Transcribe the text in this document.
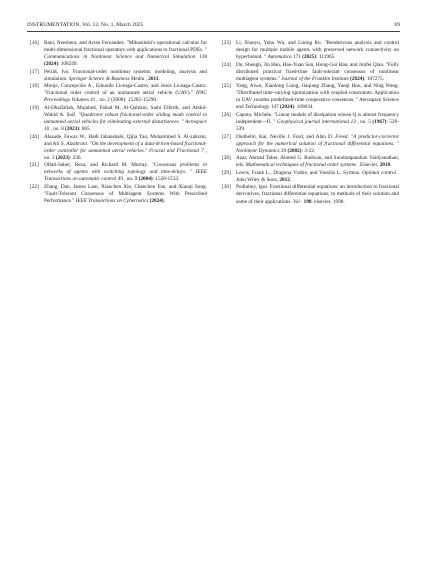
INSTRUMENTATION, Vol. 12, No. 1, March 2025	69
[16]	Rani, Neeshera, and Arran Fernandez. "Mikusiński's operational calculus for multi-dimensional fractional operators with applications to fractional PDEs. " Communications in Nonlinear Science and Numerical Simulation 138 (2024): 108249.
[17]	Petráš, Ivo. Fractional-order nonlinear systems: modeling, analysis and simulation. Springer Science & Business Media , 2011.
[18]	Monje, Concepción A., Eduardo Liceaga-Castro, and Jesús Liceaga-Castro. "Fractional order control of an unmanned aerial vehicle (UAV)." IFAC Proceedings Volumes 41 , no. 2 (2008): 15285-15290.
[19]	Al-Dhaifallah, Mujahed, Fahad M. Al-Qahtani, Sami Elferik, and Abdul-Wahid A. Saif. "Quadrotor robust fractional-order sliding mode control in unmanned aerial vehicles for eliminating external disturbances. " Aerospace 10 , no. 8 (2023): 665.
[20]	Alsaade, Fawaz W., Hadi Jahanshahi, Qijia Yao, Mohammed S. Al-zahrani, and Ali S. Alzahrani. "On the development of a data-driven-based fractional-order controller for unmanned aerial vehicles." Fractal and Fractional 7 , no. 3 (2023): 236.
[21]	Olfati-Saber, Reza, and Richard M. Murray. "Consensus problems in networks of agents with switching topology and time-delays. " IEEE Transactions on automatic control 49 , no. 9 (2004): 1520-1533.
[22]	Zhang, Dan, James Lam, Xiaochen Xie, Chenchen Fan, and Xiaoqi Song. "Fault-Tolerant Consensus of Multiagent Systems With Prescribed Performance." IEEE Transactions on Cybernetics (2024).
[23]	Li, Xiaoyu, Yuhu Wu, and Lining Ru. "Rendezvous analysis and control design for multiple mobile agents with preserved network connectivity on hyperboloid. " Automatica 171 (2025): 111965.
[24]	Du, Shengli, Jin Han, Hao-Yuan Sun, Hong-Gui Han, and Junfei Qiao. "Fully distributed practical fixed-time fault-tolerant consensus of nonlinear multiagent systems." Journal of the Franklin Institute (2024): 107275.
[25]	Yang, Aiwu, Xiaolong Liang, Jiaqiang Zhang, Yueqi Hou, and Ning Wang. "Distributed time-varying optimization with coupled constraints: Application in UAV swarms predefined-time cooperative consensus. " Aerospace Science and Technology 147 (2024): 109034.
[26]	Caputo, Michele. "Linear models of dissipation whose Q is almost frequency independent—II. " Geophysical journal international 13 , no. 5 (1967): 529-539.
[27]	Diethelm, Kai, Neville J. Ford, and Alan D. Freed. "A predictor-corrector approach for the numerical solution of fractional differential equations. " Nonlinear Dynamics 29 (2002): 3-22.
[28]	Azar, Ahmad Taher, Ahmed G. Radwan, and Sundarapandian Vaidyanathan, eds. Mathematical techniques of fractional order systems . Elsevier, 2018.
[29]	Lewis, Frank L., Draguna Vrabie, and Vassilis L. Syrmos. Optimal control . John Wiley & Sons, 2012.
[30]	Podlubny, Igor. Fractional differential equations: an introduction to fractional derivatives, fractional differential equations, to methods of their solution and some of their applications. Vol . 198. elsevier, 1998.
